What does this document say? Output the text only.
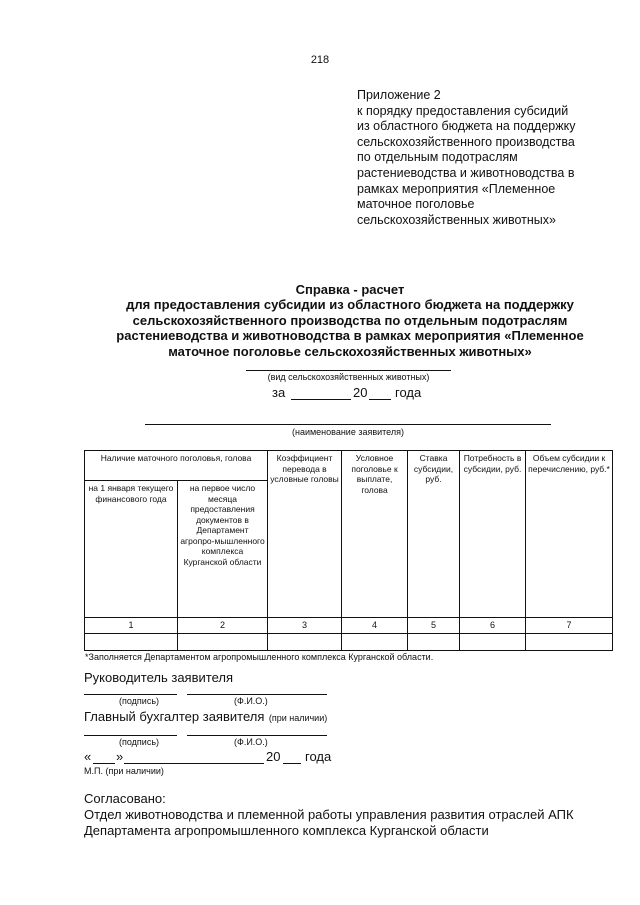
218
Приложение 2
к порядку предоставления субсидий
из областного бюджета на поддержку
сельскохозяйственного производства
по отдельным подотраслям
растениеводства и животноводства в
рамках мероприятия «Племенное
маточное поголовье
сельскохозяйственных животных»
Справка - расчет
для предоставления субсидии из областного бюджета на поддержку
сельскохозяйственного производства по отдельным подотраслям
растениеводства и животноводства в рамках мероприятия «Племенное
маточное поголовье сельскохозяйственных животных»
(вид сельскохозяйственных животных)
за	20 года
(наименование заявителя)
Наличие маточного поголовья, голова		Коэффициент перевода в условные головы	Условное поголовье к выплате, голова	Ставка субсидии, руб.	Потребность в субсидии, руб.	Объем субсидии к перечислению, руб.*
на 1 января текущего финансового года	на первое число месяца предоставления документов в Департамент агропро-мышленного комплекса Курганской области					
1	2	3	4	5	6	7

*Заполняется Департаментом агропромышленного комплекса Курганской области.
Руководитель заявителя
(подпись)	(Ф.И.О.)
Главный бухгалтер заявителя (при наличии)
(подпись)	(Ф.И.О.)
« »	20 года
М.П. (при наличии)
Согласовано:
Отдел животноводства и племенной работы управления развития отраслей АПК
Департамента агропромышленного комплекса Курганской области
